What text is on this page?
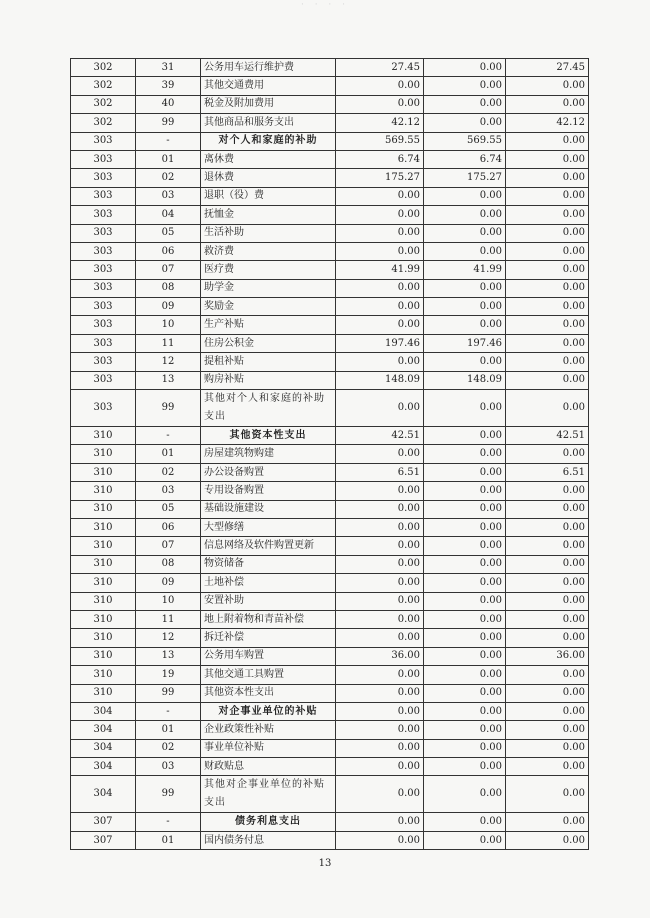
· · · ·
302	31	公务用车运行维护费	27.45	0.00	27.45
302	39	其他交通费用	0.00	0.00	0.00
302	40	税金及附加费用	0.00	0.00	0.00
302	99	其他商品和服务支出	42.12	0.00	42.12
303	-	对个人和家庭的补助	569.55	569.55	0.00
303	01	离休费	6.74	6.74	0.00
303	02	退休费	175.27	175.27	0.00
303	03	退职（役）费	0.00	0.00	0.00
303	04	抚恤金	0.00	0.00	0.00
303	05	生活补助	0.00	0.00	0.00
303	06	救济费	0.00	0.00	0.00
303	07	医疗费	41.99	41.99	0.00
303	08	助学金	0.00	0.00	0.00
303	09	奖励金	0.00	0.00	0.00
303	10	生产补贴	0.00	0.00	0.00
303	11	住房公积金	197.46	197.46	0.00
303	12	提租补贴	0.00	0.00	0.00
303	13	购房补贴	148.09	148.09	0.00
303	99	其他对个人和家庭的补助支出	0.00	0.00	0.00
310	-	其他资本性支出	42.51	0.00	42.51
310	01	房屋建筑物购建	0.00	0.00	0.00
310	02	办公设备购置	6.51	0.00	6.51
310	03	专用设备购置	0.00	0.00	0.00
310	05	基础设施建设	0.00	0.00	0.00
310	06	大型修缮	0.00	0.00	0.00
310	07	信息网络及软件购置更新	0.00	0.00	0.00
310	08	物资储备	0.00	0.00	0.00
310	09	土地补偿	0.00	0.00	0.00
310	10	安置补助	0.00	0.00	0.00
310	11	地上附着物和青苗补偿	0.00	0.00	0.00
310	12	拆迁补偿	0.00	0.00	0.00
310	13	公务用车购置	36.00	0.00	36.00
310	19	其他交通工具购置	0.00	0.00	0.00
310	99	其他资本性支出	0.00	0.00	0.00
304	-	对企事业单位的补贴	0.00	0.00	0.00
304	01	企业政策性补贴	0.00	0.00	0.00
304	02	事业单位补贴	0.00	0.00	0.00
304	03	财政贴息	0.00	0.00	0.00
304	99	其他对企事业单位的补贴支出	0.00	0.00	0.00
307	-	债务利息支出	0.00	0.00	0.00
307	01	国内债务付息	0.00	0.00	0.00
13
